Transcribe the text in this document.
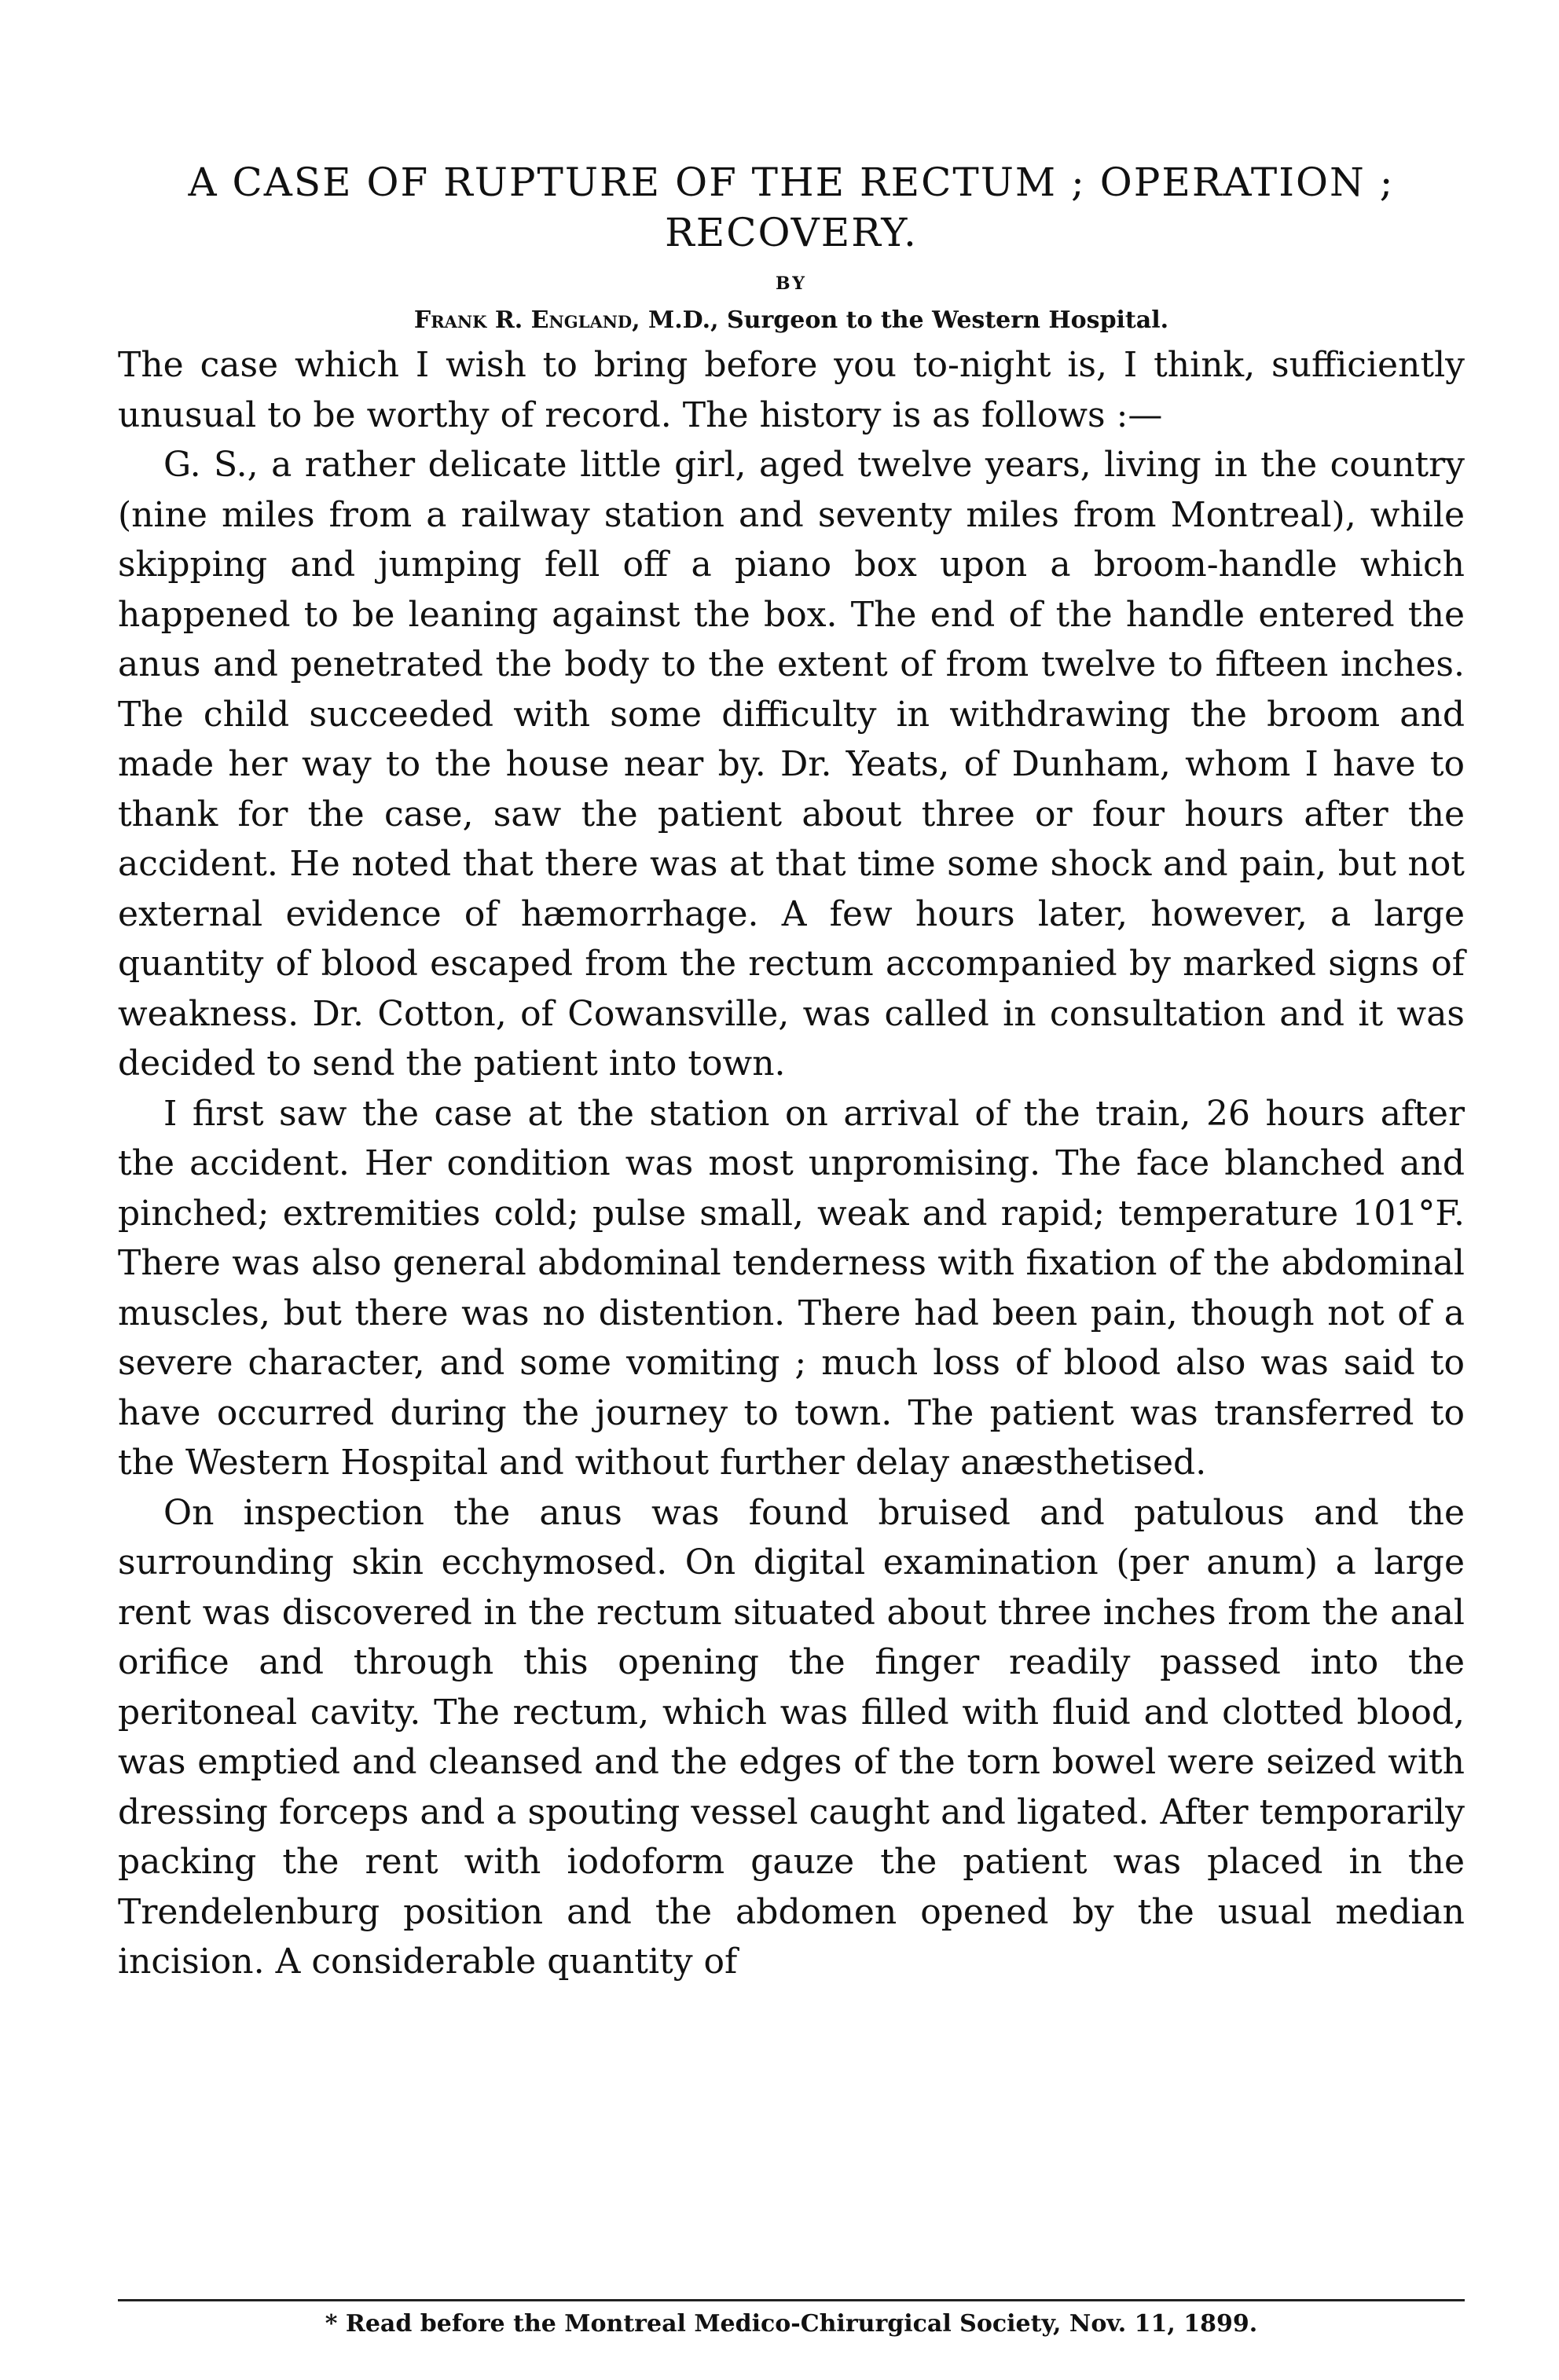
A CASE OF RUPTURE OF THE RECTUM ; OPERATION ;
RECOVERY.
BY
Frank R. England, M.D., Surgeon to the Western Hospital.

The case which I wish to bring before you to-night is, I think, sufficiently unusual to be worthy of record. The history is as follows :—

G. S., a rather delicate little girl, aged twelve years, living in the country (nine miles from a railway station and seventy miles from Montreal), while skipping and jumping fell off a piano box upon a broom-handle which happened to be leaning against the box. The end of the handle entered the anus and penetrated the body to the extent of from twelve to fifteen inches. The child succeeded with some difficulty in withdrawing the broom and made her way to the house near by. Dr. Yeats, of Dunham, whom I have to thank for the case, saw the patient about three or four hours after the accident. He noted that there was at that time some shock and pain, but not external evidence of hæmorrhage. A few hours later, however, a large quantity of blood escaped from the rectum accompanied by marked signs of weakness. Dr. Cotton, of Cowansville, was called in consultation and it was decided to send the patient into town.

I first saw the case at the station on arrival of the train, 26 hours after the accident. Her condition was most unpromising. The face blanched and pinched; extremities cold; pulse small, weak and rapid; temperature 101°F. There was also general abdominal tenderness with fixation of the abdominal muscles, but there was no distention. There had been pain, though not of a severe character, and some vomiting ; much loss of blood also was said to have occurred during the journey to town. The patient was transferred to the Western Hospital and without further delay anæsthetised.

On inspection the anus was found bruised and patulous and the surrounding skin ecchymosed. On digital examination (per anum) a large rent was discovered in the rectum situated about three inches from the anal orifice and through this opening the finger readily passed into the peritoneal cavity. The rectum, which was filled with fluid and clotted blood, was emptied and cleansed and the edges of the torn bowel were seized with dressing forceps and a spouting vessel caught and ligated. After temporarily packing the rent with iodoform gauze the patient was placed in the Trendelenburg position and the abdomen opened by the usual median incision. A considerable quantity of

* Read before the Montreal Medico-Chirurgical Society, Nov. 11, 1899.
